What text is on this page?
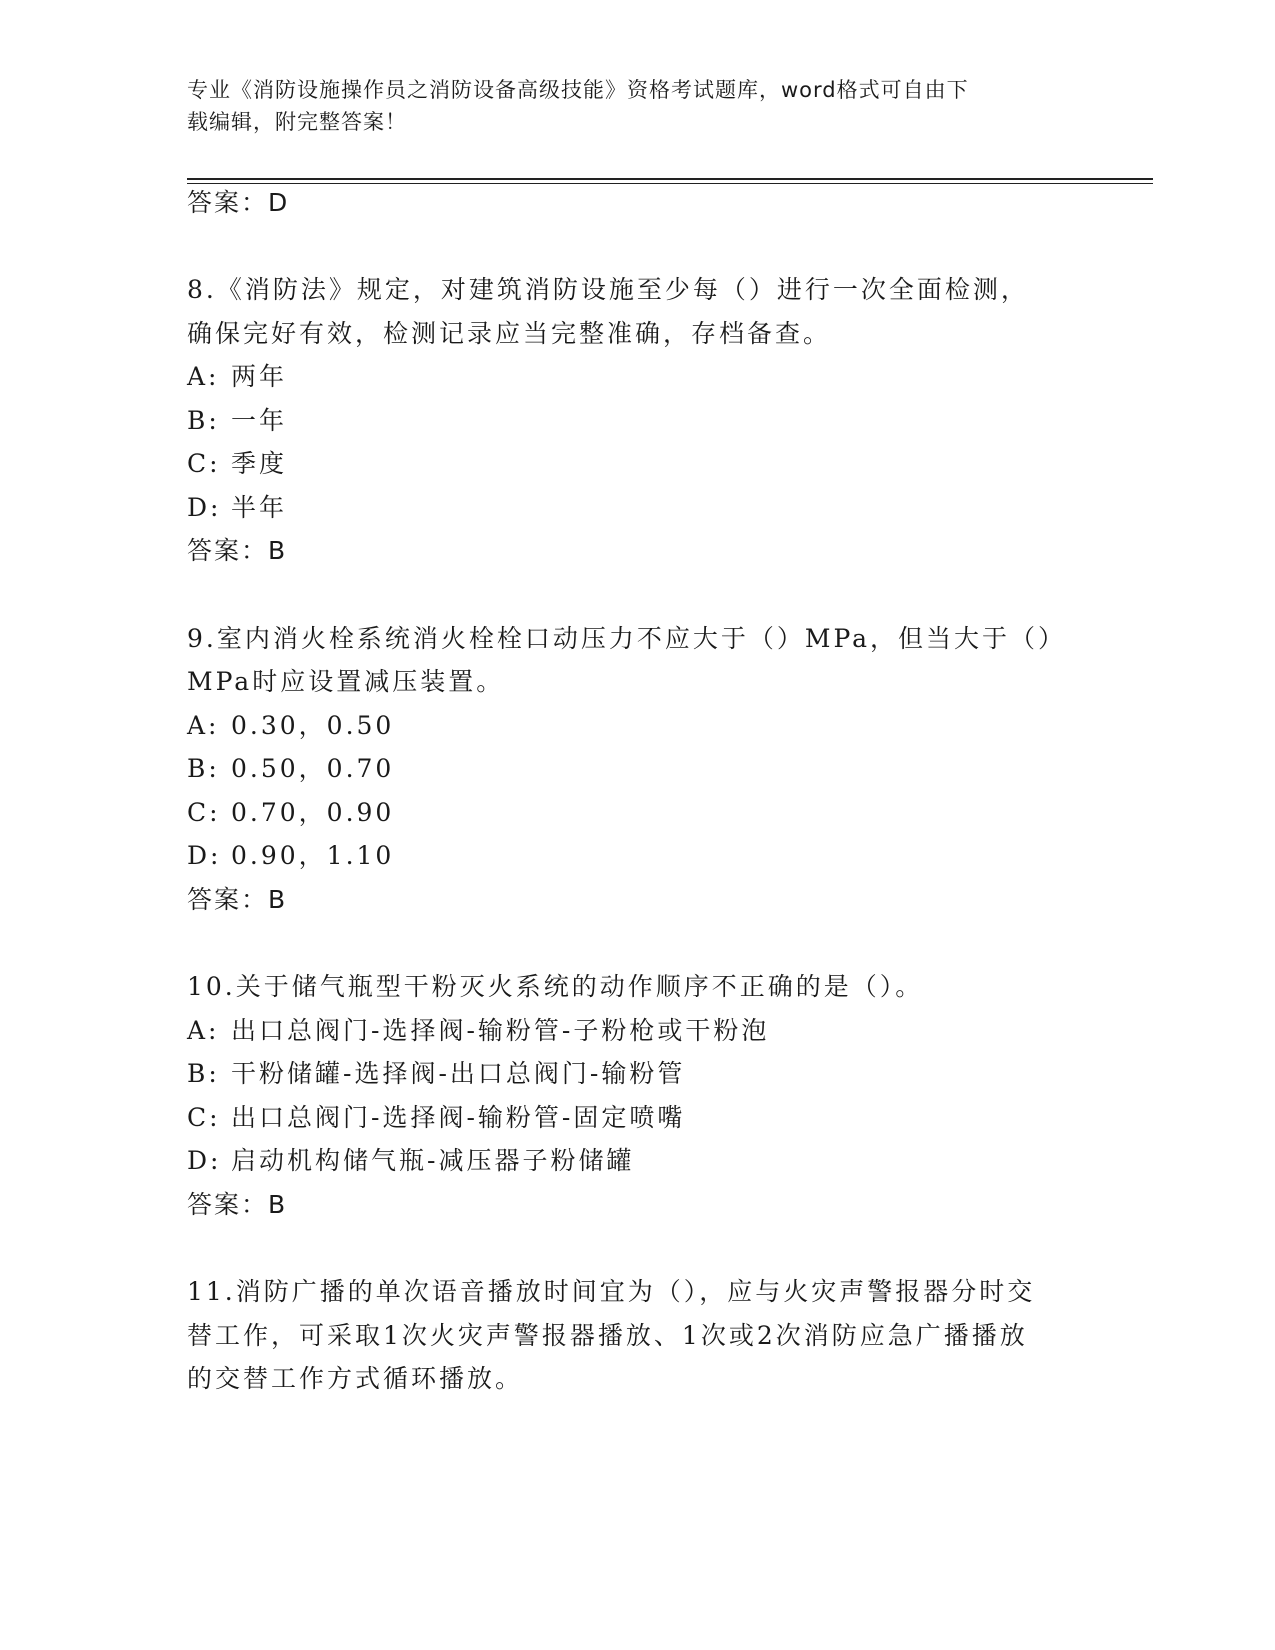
专业《消防设施操作员之消防设备高级技能》资格考试题库，word格式可自由下
载编辑，附完整答案！
答案：D
8.《消防法》规定，对建筑消防设施至少每（）进行一次全面检测，
确保完好有效，检测记录应当完整准确，存档备查。
A: 两年
B: 一年
C: 季度
D: 半年
答案：B
9.室内消火栓系统消火栓栓口动压力不应大于（）MPa，但当大于（）
MPa时应设置减压装置。
A: 0.30，0.50
B: 0.50，0.70
C: 0.70，0.90
D: 0.90，1.10
答案：B
10.关于储气瓶型干粉灭火系统的动作顺序不正确的是（）。
A: 出口总阀门-选择阀-输粉管-子粉枪或干粉泡
B: 干粉储罐-选择阀-出口总阀门-输粉管
C: 出口总阀门-选择阀-输粉管-固定喷嘴
D: 启动机构储气瓶-减压器子粉储罐
答案：B
11.消防广播的单次语音播放时间宜为（），应与火灾声警报器分时交
替工作，可采取1次火灾声警报器播放、1次或2次消防应急广播播放
的交替工作方式循环播放。
